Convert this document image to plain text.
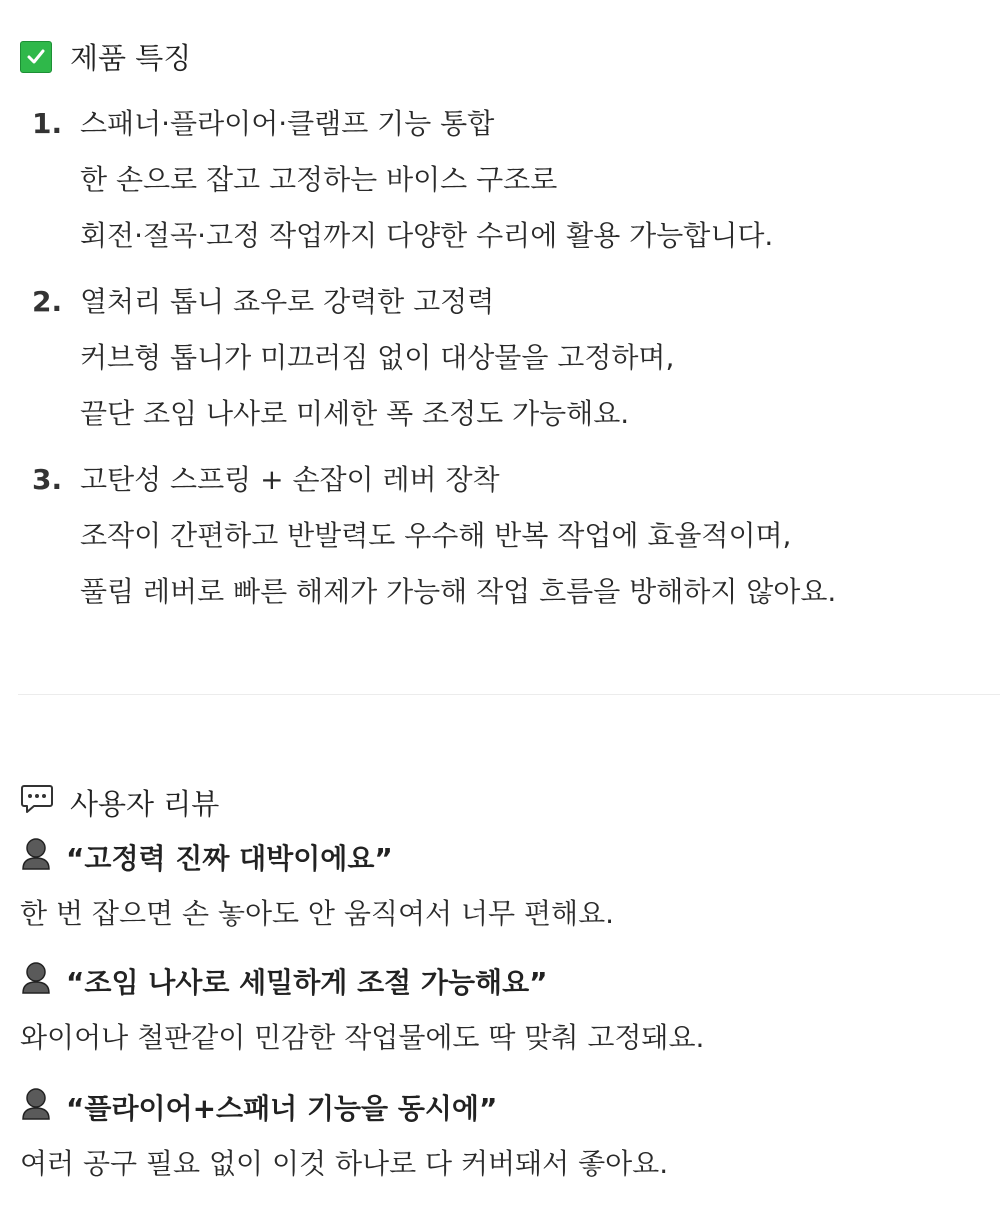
제품 특징
1. 스패너·플라이어·클램프 기능 통합
한 손으로 잡고 고정하는 바이스 구조로
회전·절곡·고정 작업까지 다양한 수리에 활용 가능합니다.
2. 열처리 톱니 죠우로 강력한 고정력
커브형 톱니가 미끄러짐 없이 대상물을 고정하며,
끝단 조임 나사로 미세한 폭 조정도 가능해요.
3. 고탄성 스프링 + 손잡이 레버 장착
조작이 간편하고 반발력도 우수해 반복 작업에 효율적이며,
풀림 레버로 빠른 해제가 가능해 작업 흐름을 방해하지 않아요.
사용자 리뷰
“고정력 진짜 대박이에요”
한 번 잡으면 손 놓아도 안 움직여서 너무 편해요.
“조임 나사로 세밀하게 조절 가능해요”
와이어나 철판같이 민감한 작업물에도 딱 맞춰 고정돼요.
“플라이어+스패너 기능을 동시에”
여러 공구 필요 없이 이것 하나로 다 커버돼서 좋아요.
